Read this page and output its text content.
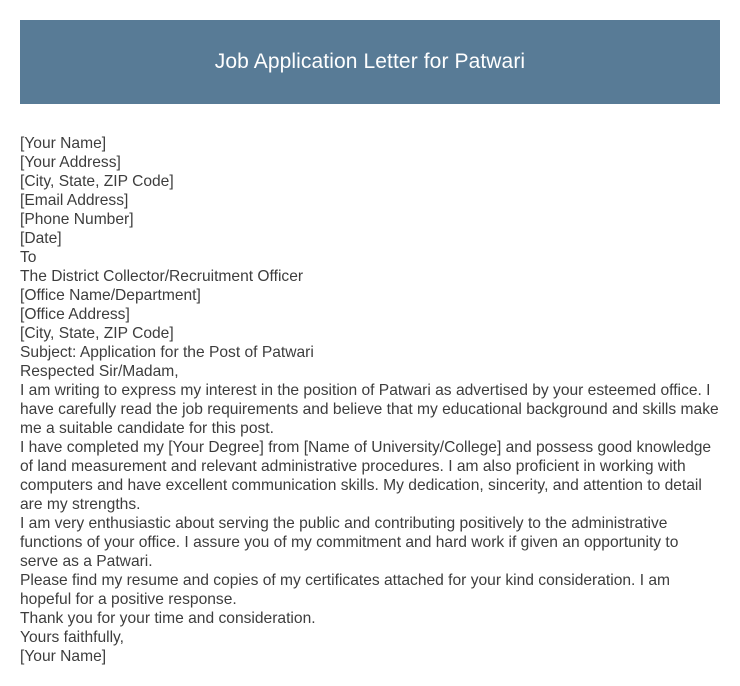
Job Application Letter for Patwari

[Your Name]

[Your Address]

[City, State, ZIP Code]

[Email Address]

[Phone Number]

[Date]

To

The District Collector/Recruitment Officer

[Office Name/Department]

[Office Address]

[City, State, ZIP Code]

Subject: Application for the Post of Patwari

Respected Sir/Madam,

I am writing to express my interest in the position of Patwari as advertised by your esteemed office. I have carefully read the job requirements and believe that my educational background and skills make me a suitable candidate for this post.

I have completed my [Your Degree] from [Name of University/College] and possess good knowledge of land measurement and relevant administrative procedures. I am also proficient in working with computers and have excellent communication skills. My dedication, sincerity, and attention to detail are my strengths.

I am very enthusiastic about serving the public and contributing positively to the administrative functions of your office. I assure you of my commitment and hard work if given an opportunity to serve as a Patwari.

Please find my resume and copies of my certificates attached for your kind consideration. I am hopeful for a positive response.

Thank you for your time and consideration.

Yours faithfully,

[Your Name]
